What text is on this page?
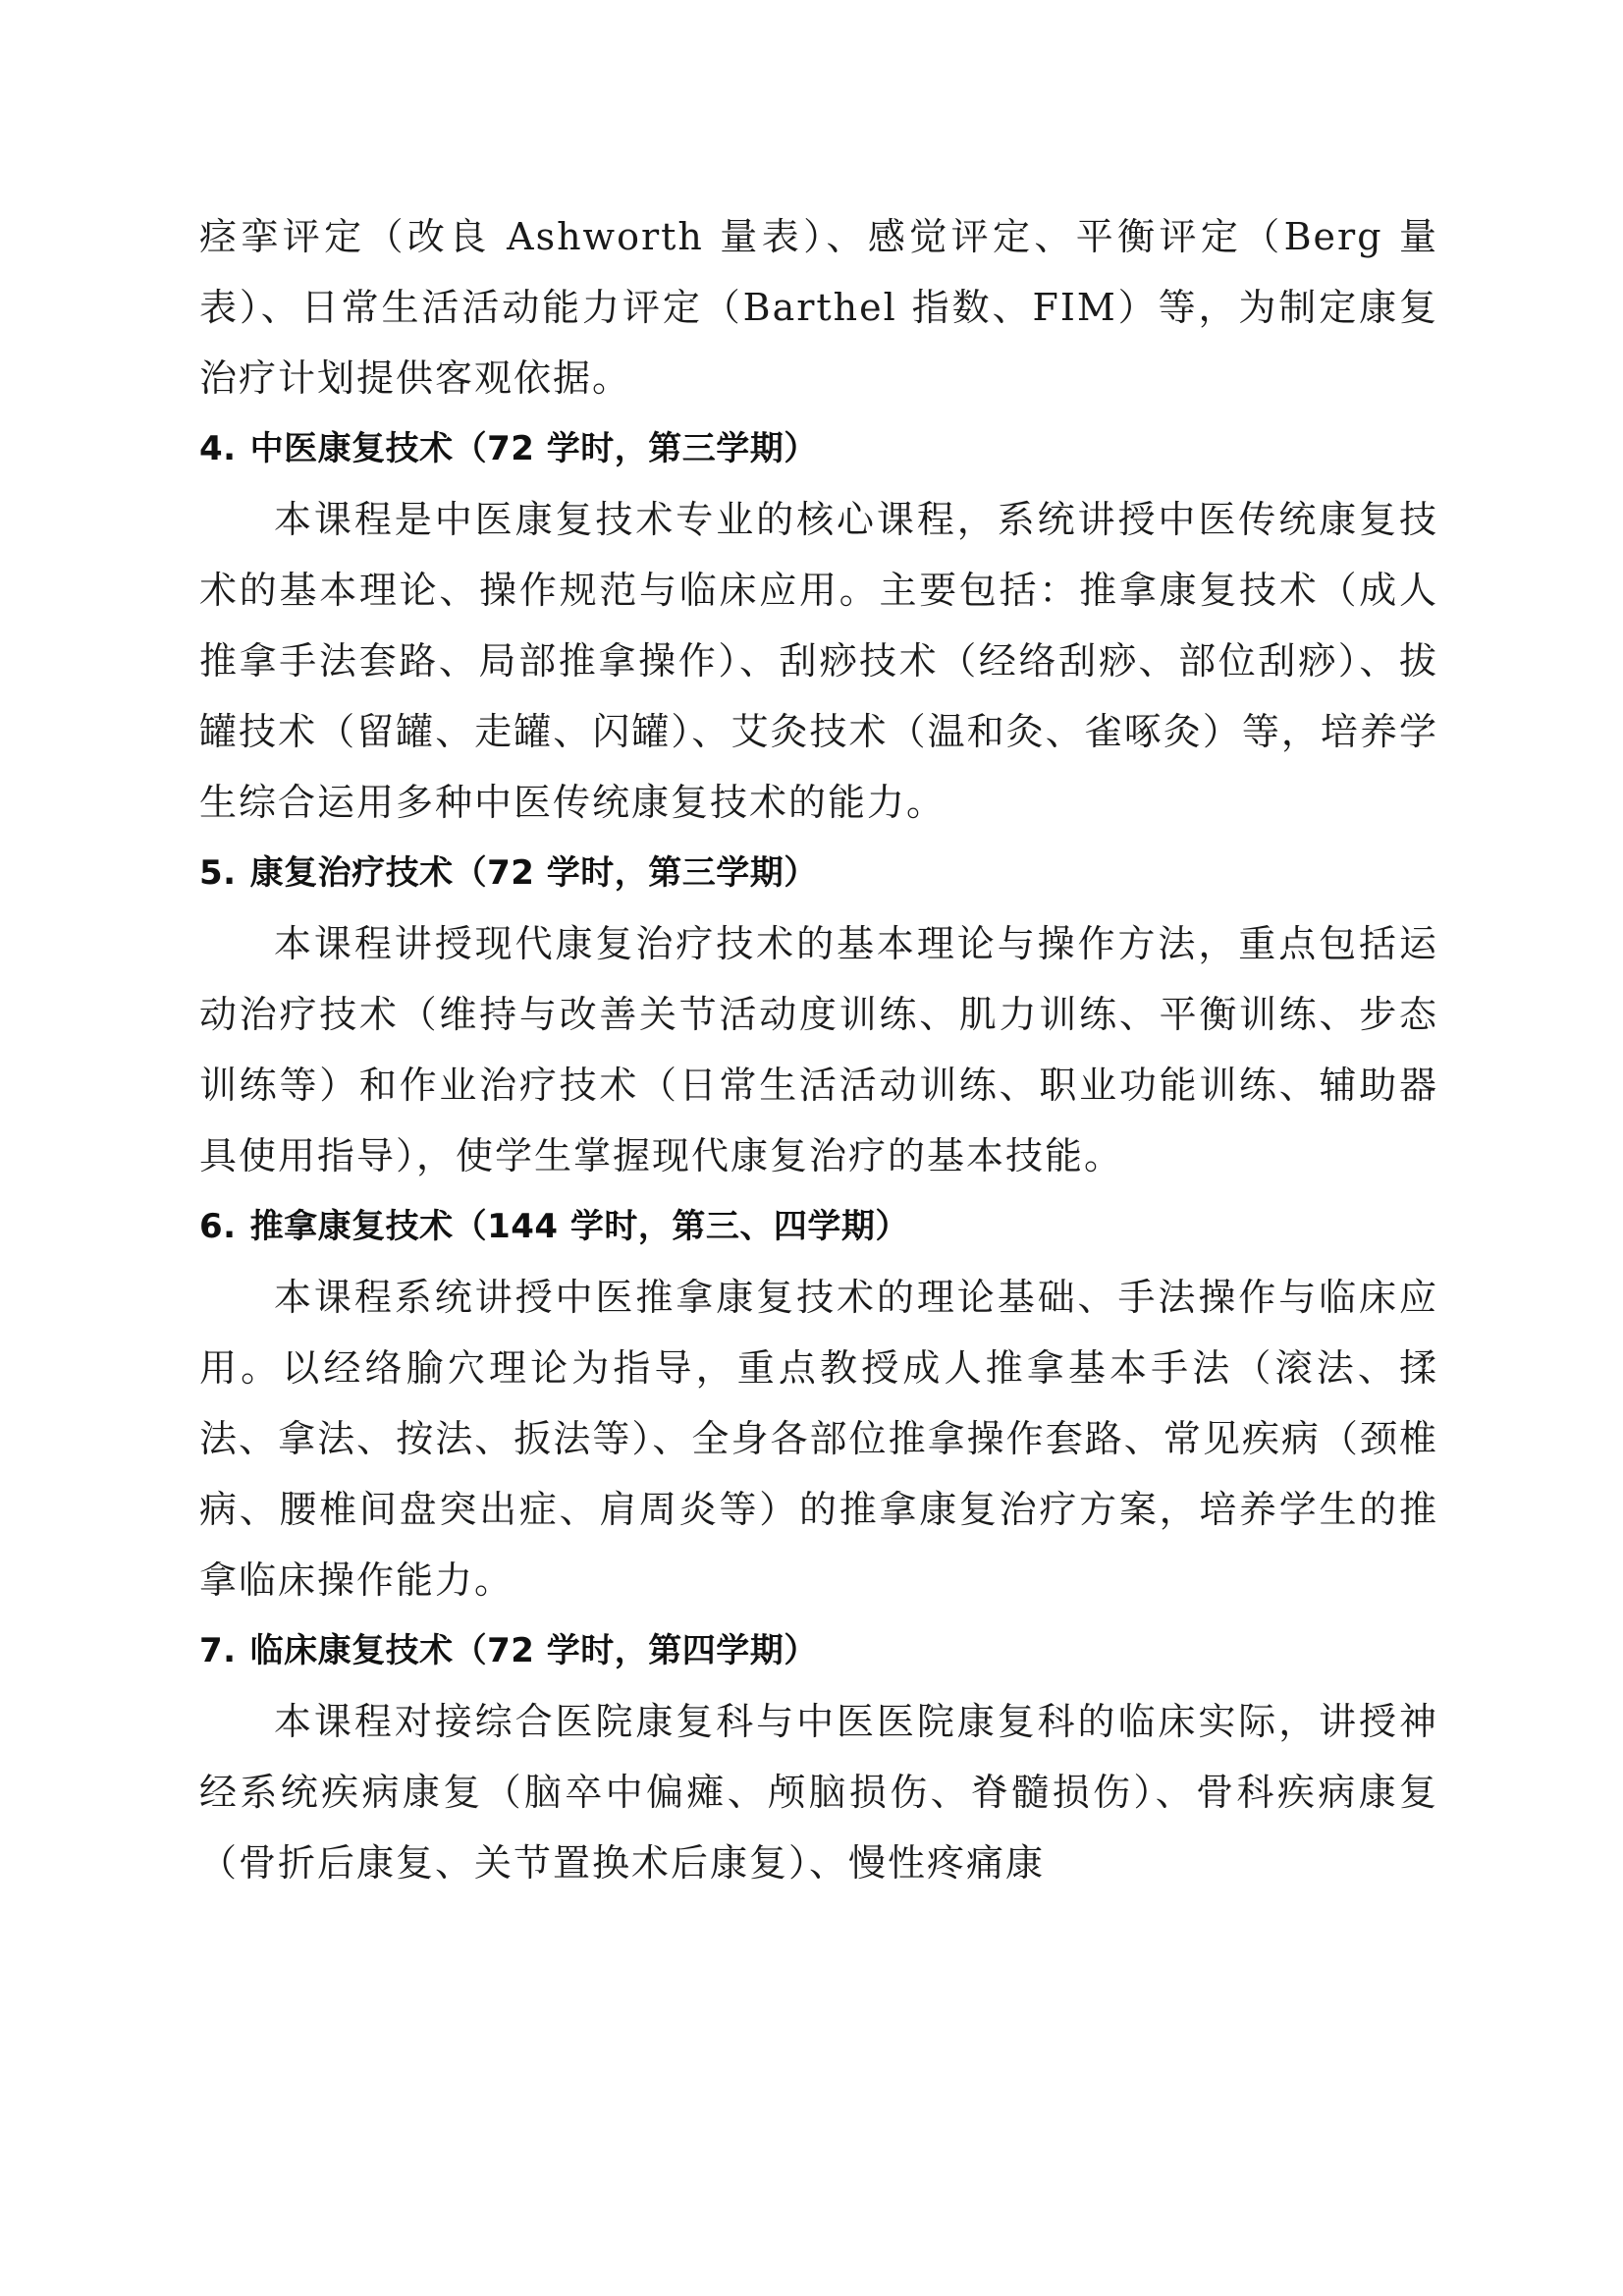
痉挛评定（改良 Ashworth 量表）、感觉评定、平衡评定（Berg 量表）、日常生活活动能力评定（Barthel 指数、FIM）等，为制定康复治疗计划提供客观依据。

4. 中医康复技术（72 学时，第三学期）

本课程是中医康复技术专业的核心课程，系统讲授中医传统康复技术的基本理论、操作规范与临床应用。主要包括：推拿康复技术（成人推拿手法套路、局部推拿操作）、刮痧技术（经络刮痧、部位刮痧）、拔罐技术（留罐、走罐、闪罐）、艾灸技术（温和灸、雀啄灸）等，培养学生综合运用多种中医传统康复技术的能力。

5. 康复治疗技术（72 学时，第三学期）

本课程讲授现代康复治疗技术的基本理论与操作方法，重点包括运动治疗技术（维持与改善关节活动度训练、肌力训练、平衡训练、步态训练等）和作业治疗技术（日常生活活动训练、职业功能训练、辅助器具使用指导），使学生掌握现代康复治疗的基本技能。

6. 推拿康复技术（144 学时，第三、四学期）

本课程系统讲授中医推拿康复技术的理论基础、手法操作与临床应用。以经络腧穴理论为指导，重点教授成人推拿基本手法（滚法、揉法、拿法、按法、扳法等）、全身各部位推拿操作套路、常见疾病（颈椎病、腰椎间盘突出症、肩周炎等）的推拿康复治疗方案，培养学生的推拿临床操作能力。

7. 临床康复技术（72 学时，第四学期）

本课程对接综合医院康复科与中医医院康复科的临床实际，讲授神经系统疾病康复（脑卒中偏瘫、颅脑损伤、脊髓损伤）、骨科疾病康复（骨折后康复、关节置换术后康复）、慢性疼痛康
